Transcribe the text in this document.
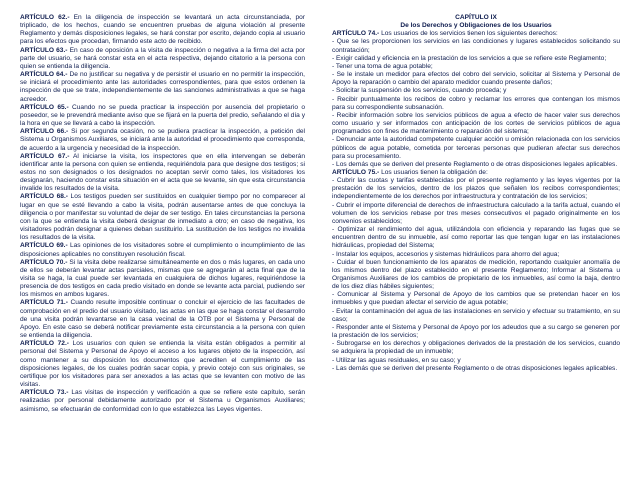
ARTÍCULO 62.- En la diligencia de inspección se levantará un acta circunstanciada, por triplicado, de los hechos, cuando se encuentren pruebas de alguna violación al presente Reglamento y demás disposiciones legales, se hará constar por escrito, dejando copia al usuario para los efectos que procedan, firmando este acto de recibido.

ARTÍCULO 63.- En caso de oposición a la visita de inspección o negativa a la firma del acta por parte del usuario, se hará constar esta en el acta respectiva, dejando citatorio a la persona con quien se entienda la diligencia.

ARTÍCULO 64.- De no justificar su negativa y de persistir el usuario en no permitir la inspección, se iniciará el procedimiento ante las autoridades correspondientes, para que estos ordenen la inspección de que se trate, independientemente de las sanciones administrativas a que se haga acreedor.

ARTÍCULO 65.- Cuando no se pueda practicar la inspección por ausencia del propietario o poseedor, se le prevendrá mediante aviso que se fijará en la puerta del predio, señalando el día y la hora en que se llevará a cabo la inspección.

ARTÍCULO 66.- Si por segunda ocasión, no se pudiera practicar la inspección, a petición del Sistema u Organismos Auxiliares, se iniciará ante la autoridad el procedimiento que corresponda, de acuerdo a la urgencia y necesidad de la inspección.

ARTÍCULO 67.- Al iniciarse la visita, los inspectores que en ella intervengan se deberán identificar ante la persona con quien se entienda, requiriéndola para que designe dos testigos; si estos no son designados o los designados no aceptan servir como tales, los visitadores los designarán, haciendo constar esta situación en el acta que se levante, sin que esta circunstancia invalide los resultados de la visita.

ARTÍCULO 68.- Los testigos pueden ser sustituidos en cualquier tiempo por no comparecer al lugar en que se esté llevando a cabo la visita, podrán ausentarse antes de que concluya la diligencia o por manifestar su voluntad de dejar de ser testigo. En tales circunstancias la persona con la que se entienda la visita deberá designar de inmediato a otro; en caso de negativa, los visitadores podrán designar a quienes deban sustituirlo. La sustitución de los testigos no invalida los resultados de la visita.

ARTÍCULO 69.- Las opiniones de los visitadores sobre el cumplimiento o incumplimiento de las disposiciones aplicables no constituyen resolución fiscal.

ARTÍCULO 70.- Si la visita debe realizarse simultáneamente en dos o más lugares, en cada uno de ellos se deberán levantar actas parciales, mismas que se agregarán al acta final que de la visita se haga, la cual puede ser levantada en cualquiera de dichos lugares, requiriéndose la presencia de dos testigos en cada predio visitado en donde se levante acta parcial, pudiendo ser los mismos en ambos lugares.

ARTÍCULO 71.- Cuando resulte imposible continuar o concluir el ejercicio de las facultades de comprobación en el predio del usuario visitado, las actas en las que se haga constar el desarrollo de una visita podrán levantarse en la casa vecinal de la OTB por el Sistema y Personal de Apoyo. En este caso se deberá notificar previamente esta circunstancia a la persona con quien se entienda la diligencia.

ARTÍCULO 72.- Los usuarios con quien se entienda la visita están obligados a permitir al personal del Sistema y Personal de Apoyo el acceso a los lugares objeto de la inspección, así como mantener a su disposición los documentos que acrediten el cumplimiento de las disposiciones legales, de los cuales podrán sacar copia, y previo cotejo con sus originales, se certifique por los visitadores para ser anexados a las actas que se levanten con motivo de las visitas.

ARTÍCULO 73.- Las visitas de inspección y verificación a que se refiere este capítulo, serán realizadas por personal debidamente autorizado por el Sistema u Organismos Auxiliares; asimismo, se efectuarán de conformidad con lo que establezca las Leyes vigentes.

CAPÍTULO IX

De los Derechos y Obligaciones de los Usuarios

ARTÍCULO 74.- Los usuarios de los servicios tienen los siguientes derechos:

- Que se les proporcionen los servicios en las condiciones y lugares establecidos solicitando su contratación;

- Exigir calidad y eficiencia en la prestación de los servicios a que se refiere este Reglamento;

- Tener una toma de agua potable;

- Se le instale un medidor para efectos del cobro del servicio, solicitar al Sistema y Personal de Apoyo la reparación o cambio del aparato medidor cuando presente daños;

- Solicitar la suspensión de los servicios, cuando proceda; y

- Recibir puntualmente los recibos de cobro y reclamar los errores que contengan los mismos para su correspondiente subsanación.

- Recibir información sobre los servicios públicos de agua a efecto de hacer valer sus derechos como usuario y ser informados con anticipación de los cortes de servicios públicos de agua programados con fines de mantenimiento o reparación del sistema;

- Denunciar ante la autoridad competente cualquier acción u omisión relacionada con los servicios públicos de agua potable, cometida por terceras personas que pudieran afectar sus derechos para su procesamiento.

- Los demás que se deriven del presente Reglamento o de otras disposiciones legales aplicables.

ARTÍCULO 75.- Los usuarios tienen la obligación de:

- Cubrir las cuotas y tarifas establecidas por el presente reglamento y las leyes vigentes por la prestación de los servicios, dentro de los plazos que señalen los recibos correspondientes; independientemente de los derechos por infraestructura y contratación de los servicios;

- Cubrir el importe diferencial de derechos de infraestructura calculado a la tarifa actual, cuando el volumen de los servicios rebase por tres meses consecutivos el pagado originalmente en los convenios establecidos;

- Optimizar el rendimiento del agua, utilizándola con eficiencia y reparando las fugas que se encuentren dentro de su inmueble, así como reportar las que tengan lugar en las instalaciones hidráulicas, propiedad del Sistema;

- Instalar los equipos, accesorios y sistemas hidráulicos para ahorro del agua;

- Cuidar el buen funcionamiento de los aparatos de medición, reportando cualquier anomalía de los mismos dentro del plazo establecido en el presente Reglamento; Informar al Sistema u Organismos Auxiliares de los cambios de propietario de los inmuebles, así como la baja, dentro de los diez días hábiles siguientes;

- Comunicar al Sistema y Personal de Apoyo de los cambios que se pretendan hacer en los inmuebles y que puedan afectar el servicio de agua potable;

- Evitar la contaminación del agua de las instalaciones en servicio y efectuar su tratamiento, en su caso;

- Responder ante el Sistema y Personal de Apoyo por los adeudos que a su cargo se generen por la prestación de los servicios;

- Subrogarse en los derechos y obligaciones derivados de la prestación de los servicios, cuando se adquiera la propiedad de un inmueble;

- Utilizar las aguas residuales, en su caso; y

- Las demás que se deriven del presente Reglamento o de otras disposiciones legales aplicables.
